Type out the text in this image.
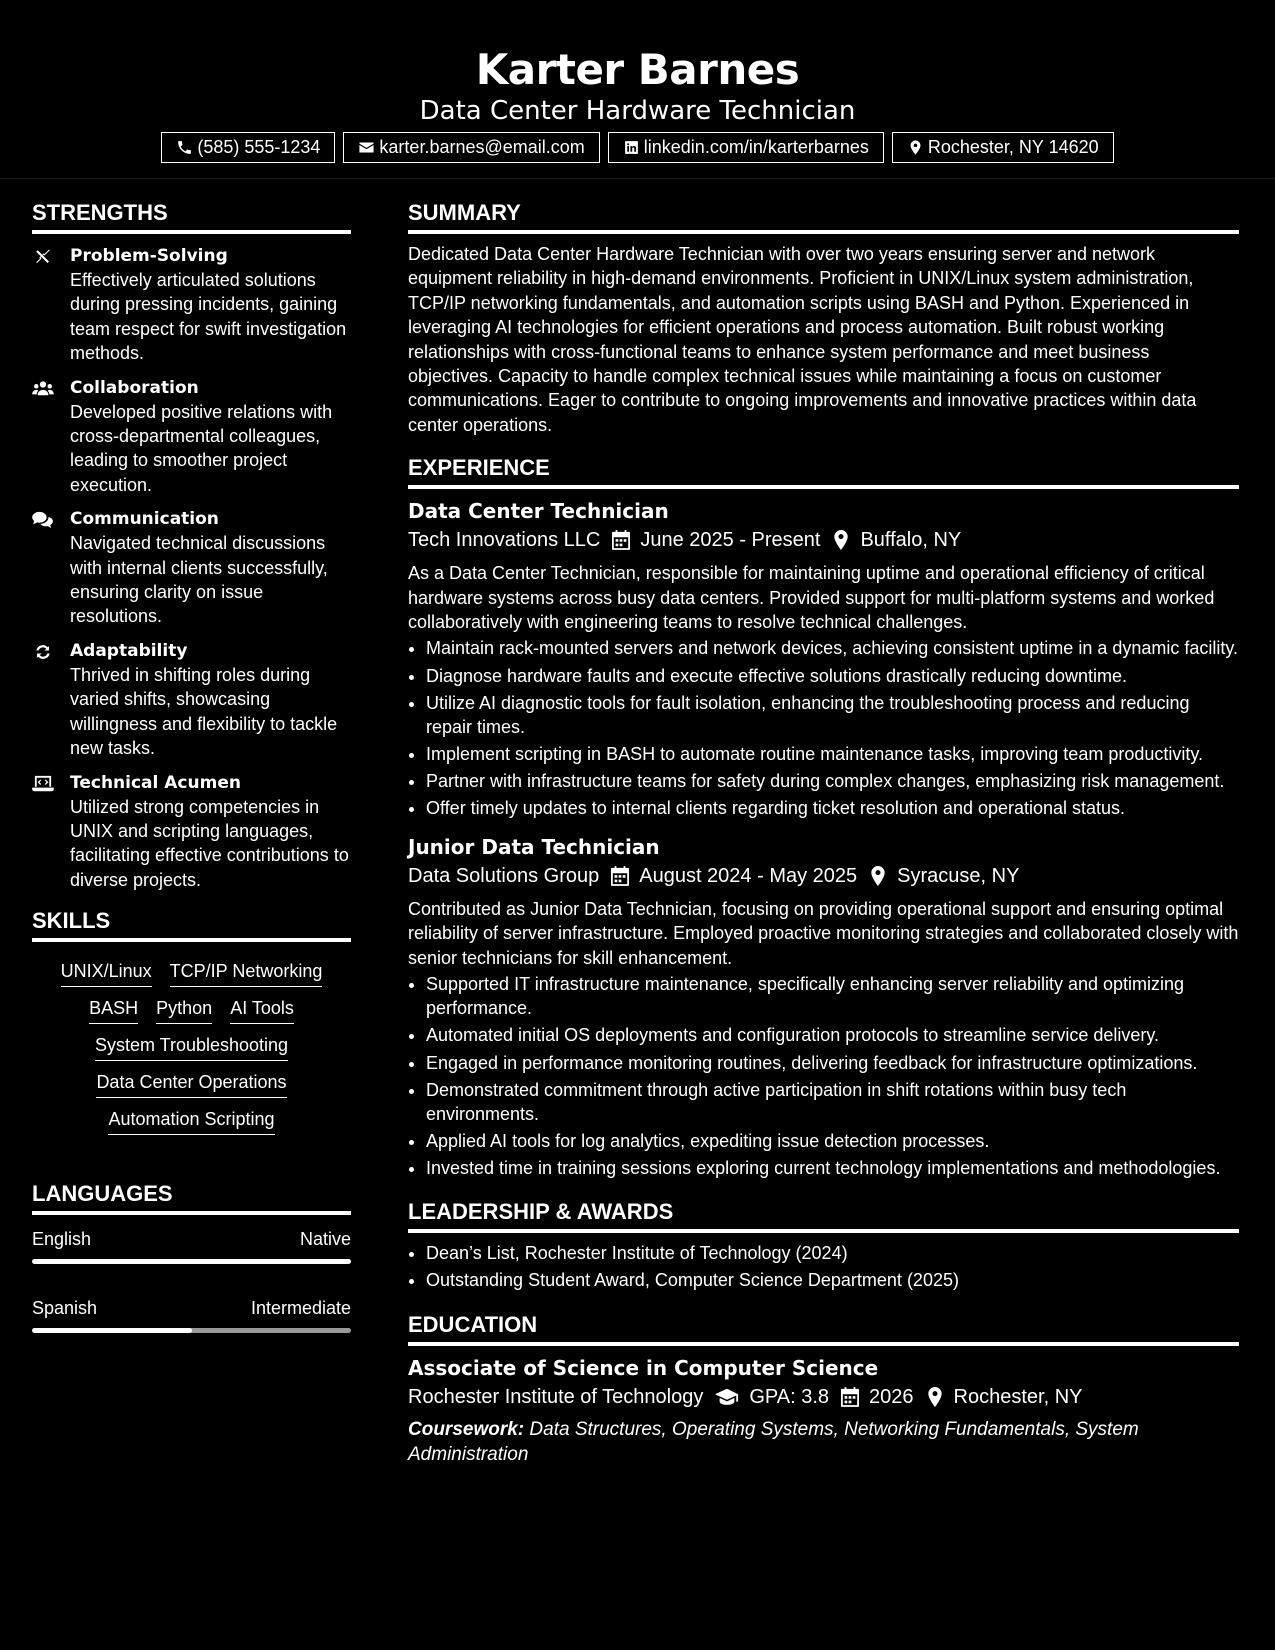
Karter Barnes
Data Center Hardware Technician
(585) 555-1234	karter.barnes@email.com	linkedin.com/in/karterbarnes	Rochester, NY 14620
STRENGTHS
Problem-Solving
Effectively articulated solutions during pressing incidents, gaining team respect for swift investigation methods.
Collaboration
Developed positive relations with cross-departmental colleagues, leading to smoother project execution.
Communication
Navigated technical discussions with internal clients successfully, ensuring clarity on issue resolutions.
Adaptability
Thrived in shifting roles during varied shifts, showcasing willingness and flexibility to tackle new tasks.
Technical Acumen
Utilized strong competencies in UNIX and scripting languages, facilitating effective contributions to diverse projects.
SKILLS
UNIX/Linux TCP/IP Networking
BASH Python AI Tools
System Troubleshooting
Data Center Operations
Automation Scripting
LANGUAGES
English	Native
Spanish	Intermediate
SUMMARY
Dedicated Data Center Hardware Technician with over two years ensuring server and network equipment reliability in high-demand environments. Proficient in UNIX/Linux system administration, TCP/IP networking fundamentals, and automation scripts using BASH and Python. Experienced in leveraging AI technologies for efficient operations and process automation. Built robust working relationships with cross-functional teams to enhance system performance and meet business objectives. Capacity to handle complex technical issues while maintaining a focus on customer communications. Eager to contribute to ongoing improvements and innovative practices within data center operations.
EXPERIENCE
Data Center Technician
Tech Innovations LLC June 2025 - Present Buffalo, NY
As a Data Center Technician, responsible for maintaining uptime and operational efficiency of critical hardware systems across busy data centers. Provided support for multi-platform systems and worked collaboratively with engineering teams to resolve technical challenges.
• Maintain rack-mounted servers and network devices, achieving consistent uptime in a dynamic facility.
• Diagnose hardware faults and execute effective solutions drastically reducing downtime.
• Utilize AI diagnostic tools for fault isolation, enhancing the troubleshooting process and reducing repair times.
• Implement scripting in BASH to automate routine maintenance tasks, improving team productivity.
• Partner with infrastructure teams for safety during complex changes, emphasizing risk management.
• Offer timely updates to internal clients regarding ticket resolution and operational status.
Junior Data Technician
Data Solutions Group August 2024 - May 2025 Syracuse, NY
Contributed as Junior Data Technician, focusing on providing operational support and ensuring optimal reliability of server infrastructure. Employed proactive monitoring strategies and collaborated closely with senior technicians for skill enhancement.
• Supported IT infrastructure maintenance, specifically enhancing server reliability and optimizing performance.
• Automated initial OS deployments and configuration protocols to streamline service delivery.
• Engaged in performance monitoring routines, delivering feedback for infrastructure optimizations.
• Demonstrated commitment through active participation in shift rotations within busy tech environments.
• Applied AI tools for log analytics, expediting issue detection processes.
• Invested time in training sessions exploring current technology implementations and methodologies.
LEADERSHIP & AWARDS
• Dean’s List, Rochester Institute of Technology (2024)
• Outstanding Student Award, Computer Science Department (2025)
EDUCATION
Associate of Science in Computer Science
Rochester Institute of Technology GPA: 3.8 2026 Rochester, NY
Coursework: Data Structures, Operating Systems, Networking Fundamentals, System Administration
